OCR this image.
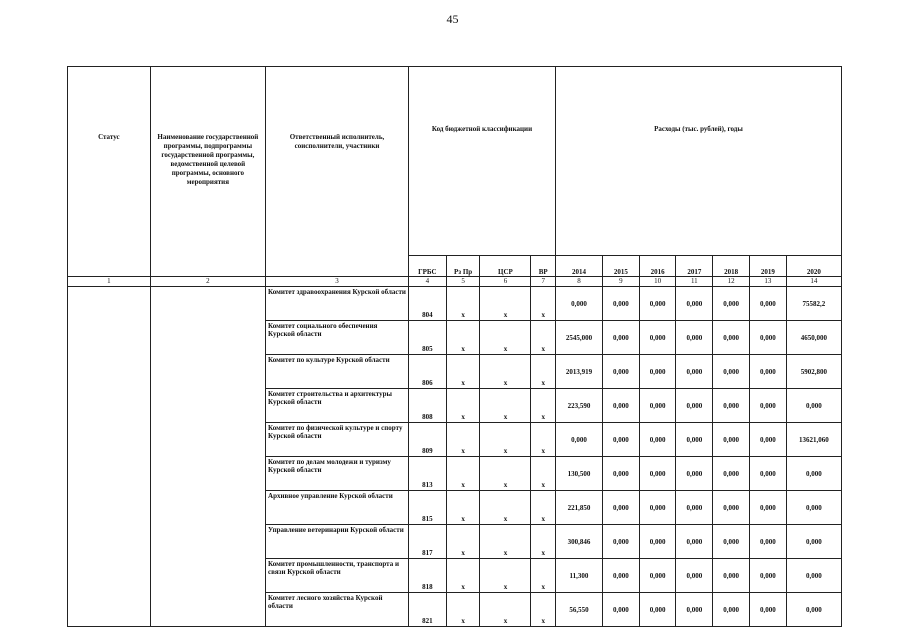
45
Статус	Наименование государственной программы, подпрограммы государственной программы, ведомственной целевой программы, основного мероприятия	Ответственный исполнитель, соисполнители, участники	Код бюджетной классификации				Расходы (тыс. рублей), годы						
			ГРБС	Рз Пр	ЦСР	ВР	2014	2015	2016	2017	2018	2019	2020
1	2	3	4	5	6	7	8	9	10	11	12	13	14
		Комитет здравоохранения Курской области	804	х	х	х	0,000	0,000	0,000	0,000	0,000	0,000	75582,2
		Комитет социального обеспечения Курской области	805	х	х	х	2545,000	0,000	0,000	0,000	0,000	0,000	4650,000
		Комитет по культуре Курской области	806	х	х	х	2013,919	0,000	0,000	0,000	0,000	0,000	5902,800
		Комитет строительства и архитектуры Курской области	808	х	х	х	223,590	0,000	0,000	0,000	0,000	0,000	0,000
		Комитет по физической культуре и спорту Курской области	809	х	х	х	0,000	0,000	0,000	0,000	0,000	0,000	13621,060
		Комитет по делам молодежи и туризму Курской области	813	х	х	х	130,500	0,000	0,000	0,000	0,000	0,000	0,000
		Архивное управление Курской области	815	х	х	х	221,850	0,000	0,000	0,000	0,000	0,000	0,000
		Управление ветеринарии Курской области	817	х	х	х	300,846	0,000	0,000	0,000	0,000	0,000	0,000
		Комитет промышленности, транспорта и связи Курской области	818	х	х	х	11,300	0,000	0,000	0,000	0,000	0,000	0,000
		Комитет лесного хозяйства Курской области	821	х	х	х	56,550	0,000	0,000	0,000	0,000	0,000	0,000
